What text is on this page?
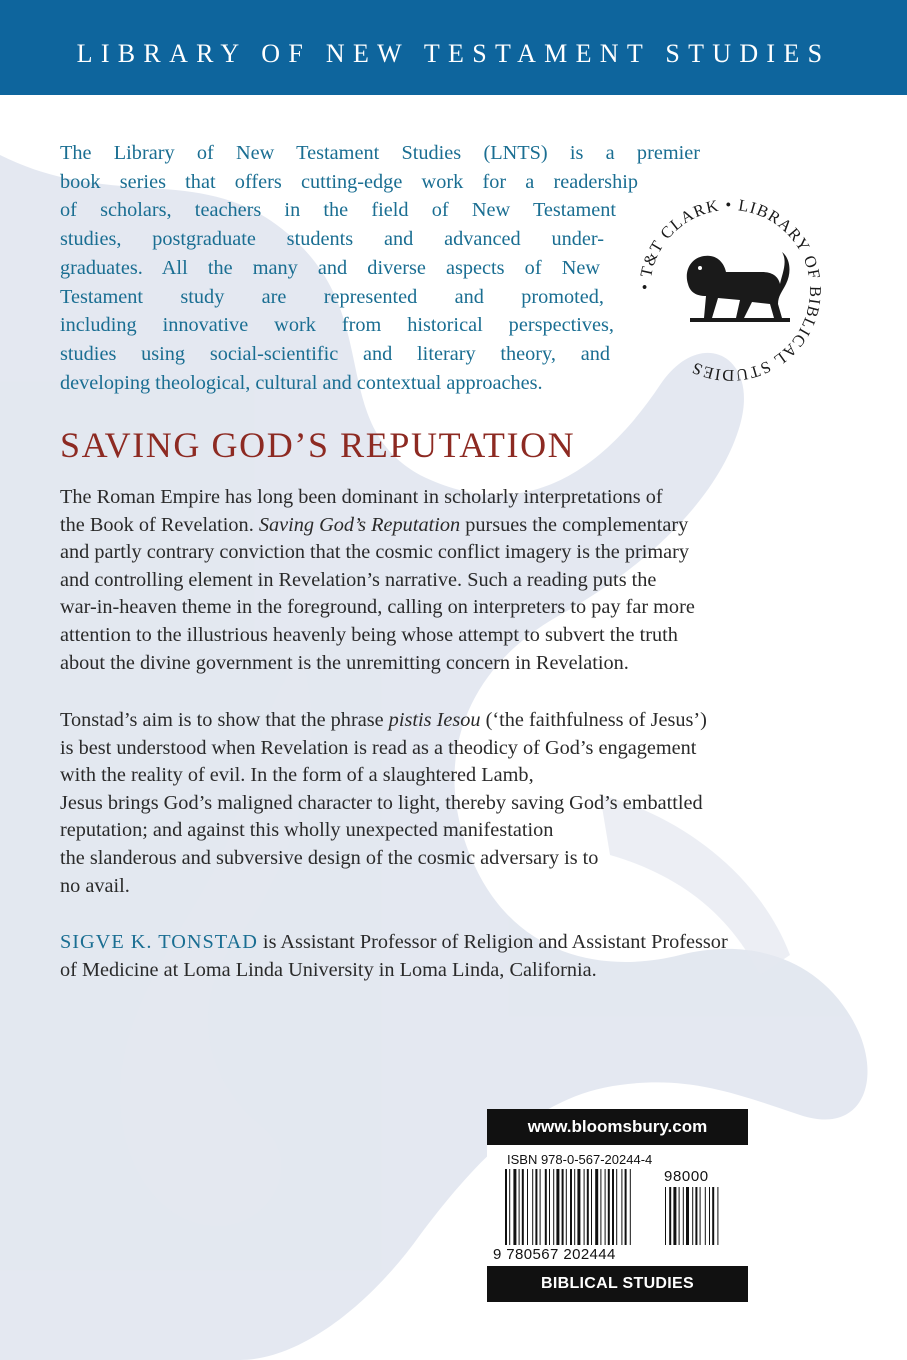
LIBRARY OF NEW TESTAMENT STUDIES
The Library of New Testament Studies (LNTS) is a premier
book series that offers cutting-edge work for a readership
of scholars, teachers in the field of New Testament
studies, postgraduate students and advanced under-
graduates. All the many and diverse aspects of New
Testament study are represented and promoted,
including innovative work from historical perspectives,
studies using social-scientific and literary theory, and
developing theological, cultural and contextual approaches.
• T&T CLARK • LIBRARY OF BIBLICAL STUDIES
SAVING GOD’S REPUTATION
The Roman Empire has long been dominant in scholarly interpretations of
the Book of Revelation. Saving God’s Reputation pursues the complementary
and partly contrary conviction that the cosmic conflict imagery is the primary
and controlling element in Revelation’s narrative. Such a reading puts the
war-in-heaven theme in the foreground, calling on interpreters to pay far more
attention to the illustrious heavenly being whose attempt to subvert the truth
about the divine government is the unremitting concern in Revelation.
Tonstad’s aim is to show that the phrase pistis Iesou (‘the faithfulness of Jesus’)
is best understood when Revelation is read as a theodicy of God’s engagement
with the reality of evil. In the form of a slaughtered Lamb,
Jesus brings God’s maligned character to light, thereby saving God’s embattled
reputation; and against this wholly unexpected manifestation
the slanderous and subversive design of the cosmic adversary is to
no avail.
SIGVE K. TONSTAD is Assistant Professor of Religion and Assistant Professor
of Medicine at Loma Linda University in Loma Linda, California.
www.bloomsbury.com
ISBN 978-0-567-20244-4
98000
9 780567 202444
BIBLICAL STUDIES
